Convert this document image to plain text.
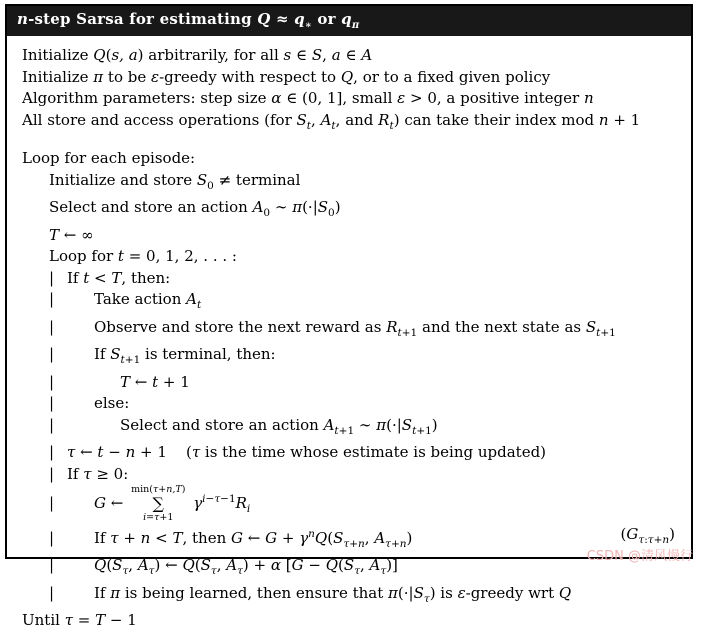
n-step Sarsa for estimating $Q \approx q_∗$ or $q_\pi$
Initialize Q(s, a) arbitrarily, for all s ∈ S, a ∈ A
Initialize π to be ε-greedy with respect to Q, or to a fixed given policy
Algorithm parameters: step size α ∈ (0, 1], small ε > 0, a positive integer n
All store and access operations (for $S_t$, $A_t$, and $R_t$) can take their index mod n + 1
Loop for each episode:
Initialize and store $S_0$ ≠ terminal
Select and store an action $A_0$ ∼ $\pi(\cdot|S_0)$
T ← ∞
Loop for t = 0, 1, 2, . . . :
|If t < T, then:
|Take action $A_t$
|Observe and store the next reward as $R_{t+1}$ and the next state as $S_{t+1}$
|If $S_{t+1}$ is terminal, then:
|T ← t + 1
|else:
|Select and store an action $A_{t+1}$ ∼ $\pi(\cdot|S_{t+1})$
|τ ← t − n + 1    (τ is the time whose estimate is being updated)
|If τ ≥ 0:
|G ←
min(τ+n,T)
∑
i=τ+1
$\gamma^{i-\tau-1}R_i$
|If τ + n < T, then G ← $G + \gamma^nQ(S_{\tau+n}$, $A_{\tau+n}$)	$(G_{\tau:\tau+n})$
$|Q(S_\tau$, $A_\tau$) ← $Q(S_\tau$, $A_\tau) + \alpha$ [$G - Q(S_\tau$, $A_\tau$)]
|If π is being learned, then ensure that $\pi(\cdot|S_\tau)$ is ε-greedy wrt Q
Until τ = T − 1
CSDN @清风慢行
